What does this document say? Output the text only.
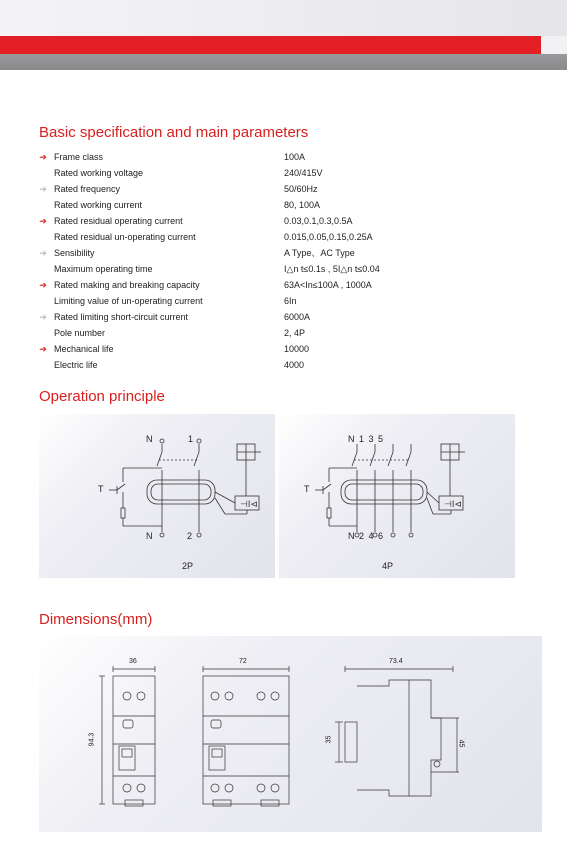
Basic specification and main parameters
➔ Frame class	100A
Rated working voltage	240/415V
➔ Rated frequency	50/60Hz
Rated working current	80, 100A
➔ Rated residual operating current	0.03,0.1,0.3,0.5A
Rated residual un-operating current	0.015,0.05,0.15,0.25A
➔ Sensibility	A Type、AC Type
Maximum operating time	I△n t≤0.1s , 5I△n t≤0.04
➔ Rated making and breaking capacity	63A<In≤100A , 1000A
Limiting value of un-operating current	6In
➔ Rated limiting short-circuit current	6000A
Pole number	2, 4P
➔ Mechanical life	10000
Electric life	4000
Operation principle
⊣I⊲
N	1
N	2
T
2P
⊣I⊲
N 1 3 5
N 2 4 6
T
4P
Dimensions(mm)
36	72	73.4
94.3	35
45
